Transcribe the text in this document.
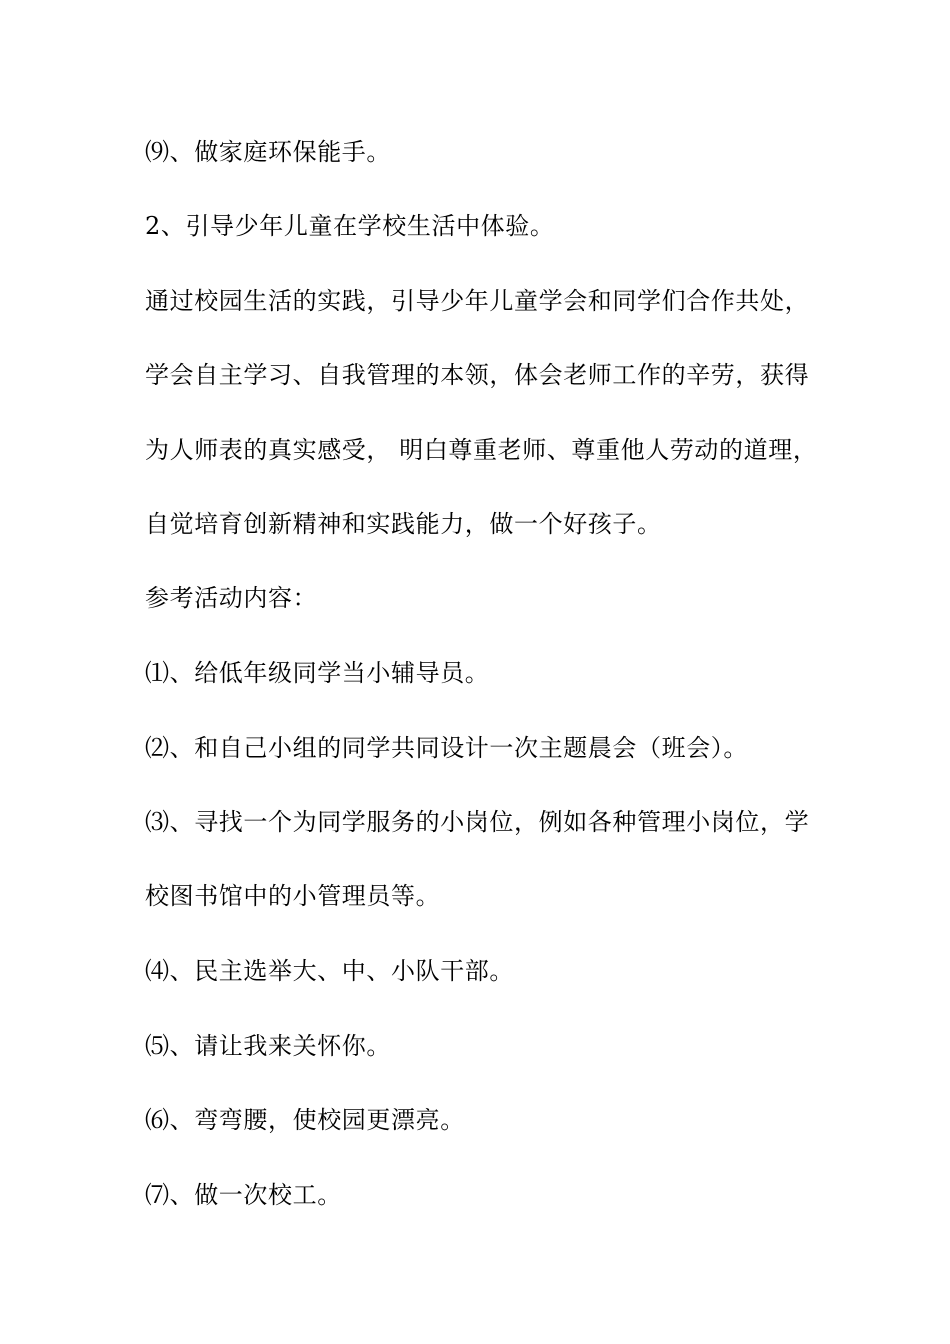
⑼、做家庭环保能手。
2、引导少年儿童在学校生活中体验。
通过校园生活的实践，引导少年儿童学会和同学们合作共处，
学会自主学习、自我管理的本领，体会老师工作的辛劳，获得
为人师表的真实感受， 明白尊重老师、尊重他人劳动的道理，
自觉培育创新精神和实践能力，做一个好孩子。
参考活动内容：
⑴、给低年级同学当小辅导员。
⑵、和自己小组的同学共同设计一次主题晨会（班会）。
⑶、寻找一个为同学服务的小岗位，例如各种管理小岗位，学
校图书馆中的小管理员等。
⑷、民主选举大、中、小队干部。
⑸、请让我来关怀你。
⑹、弯弯腰，使校园更漂亮。
⑺、做一次校工。
